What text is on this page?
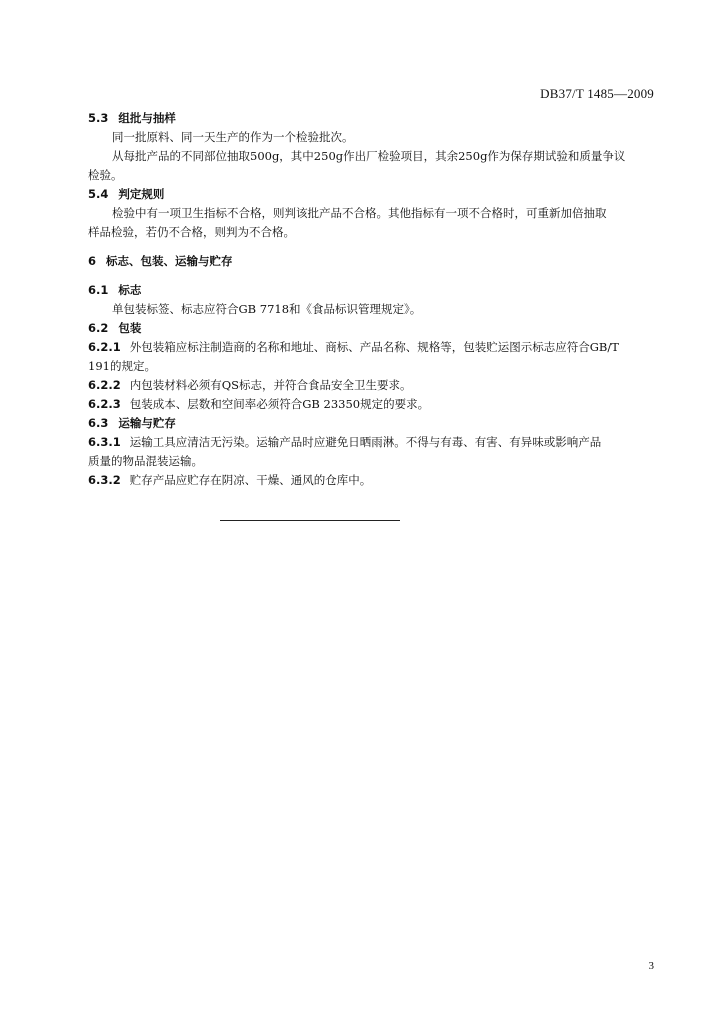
DB37/T 1485—2009
5.3 组批与抽样
同一批原料、同一天生产的作为一个检验批次。
从每批产品的不同部位抽取500g，其中250g作出厂检验项目，其余250g作为保存期试验和质量争议
检验。
5.4 判定规则
检验中有一项卫生指标不合格，则判该批产品不合格。其他指标有一项不合格时，可重新加倍抽取
样品检验，若仍不合格，则判为不合格。
6 标志、包装、运输与贮存
6.1 标志
单包装标签、标志应符合GB 7718和《食品标识管理规定》。
6.2 包装
6.2.1 外包装箱应标注制造商的名称和地址、商标、产品名称、规格等，包装贮运图示标志应符合GB/T
191的规定。
6.2.2 内包装材料必须有QS标志，并符合食品安全卫生要求。
6.2.3 包装成本、层数和空间率必须符合GB 23350规定的要求。
6.3 运输与贮存
6.3.1 运输工具应清洁无污染。运输产品时应避免日晒雨淋。不得与有毒、有害、有异味或影响产品
质量的物品混装运输。
6.3.2 贮存产品应贮存在阴凉、干燥、通风的仓库中。
3
